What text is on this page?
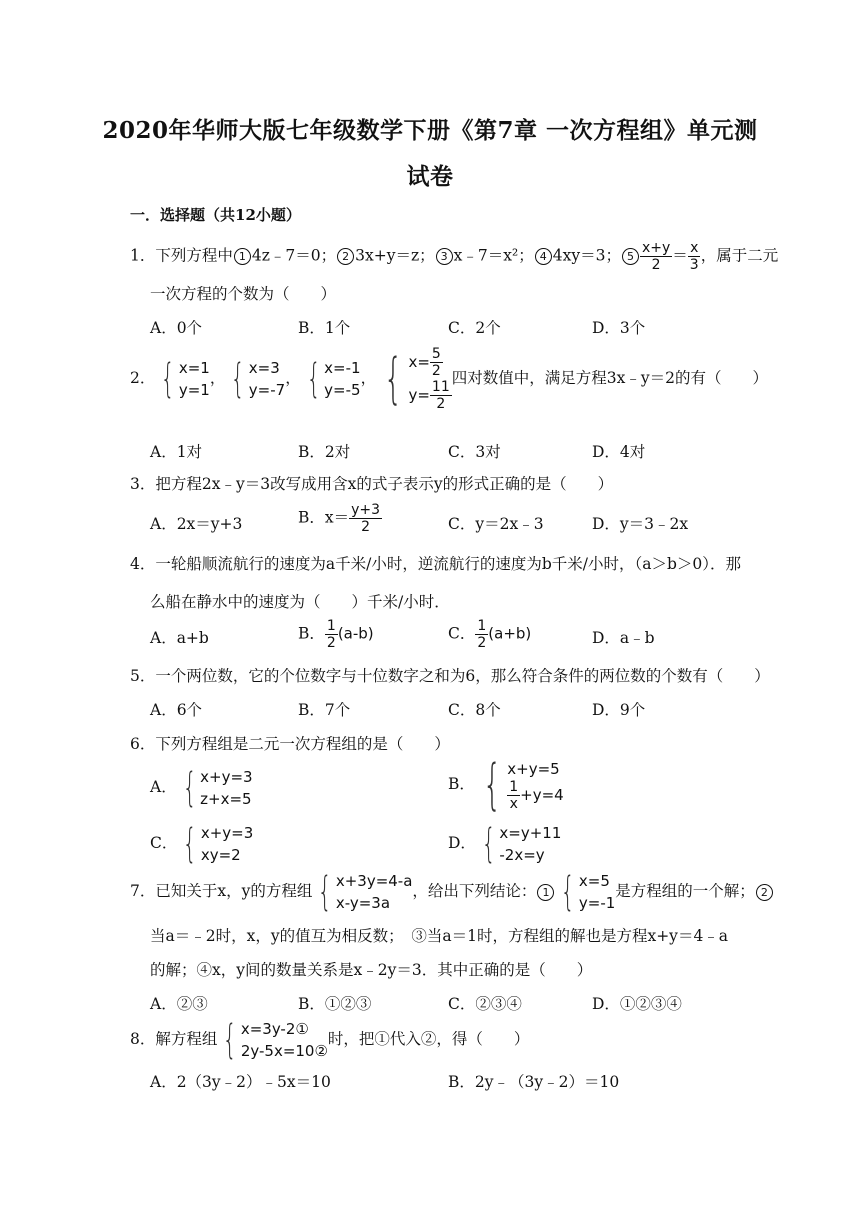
2020年华师大版七年级数学下册《第7章 一次方程组》单元测
试卷
一．选择题（共12小题）
1．下列方程中 1 4z﹣7＝0； 2 3x+y＝z； 3 x﹣7＝x²； 4 4xy＝3； $5 \frac{x+y}{2} = \frac{x}{3}$ ，属于二元
一次方程的个数为（　　）
A．0个	B．1个	C．2个	D．3个
2． { x=1
y=1
， { x=3
y=-7
， { x=-1
y=-5
， { $x= \frac{5}{2}$
$y= \frac{11}{2}$
四对数值中，满足方程3x﹣y＝2的有（　　）
A．1对	B．2对	C．3对	D．4对
3．把方程2x﹣y＝3改写成用含x的式子表示y的形式正确的是（　　）
A．2x＝y+3	B．$x= \frac{y+3}{2}$	C．y＝2x﹣3	D．y＝3﹣2x
4．一轮船顺流航行的速度为a千米/小时，逆流航行的速度为b千米/小时，（a＞b＞0）．那
么船在静水中的速度为（　　）千米/小时．
A．a+b	B． $\frac{1}{2} (a-b)$	C． $\frac{1}{2} (a+b)$	D．a﹣b
5．一个两位数，它的个位数字与十位数字之和为6，那么符合条件的两位数的个数有（　　）
A．6个	B．7个	C．8个	D．9个
6．下列方程组是二元一次方程组的是（　　）
A． { x+y=3
z+x=5
B． { x+y=5
$\frac{1}{x} +y=4$
C． { x+y=3
xy=2
D． { x=y+11
-2x=y
7．已知关于x，y的方程组 { x+3y=4-a
x-y=3a
，给出下列结论： 1 { x=5
y=-1
是方程组的一个解； 2
当a＝﹣2时，x，y的值互为相反数；　③当a＝1时，方程组的解也是方程x+y＝4﹣a
的解；④x，y间的数量关系是x﹣2y＝3．其中正确的是（　　）
A．②③	B．①②③	C．②③④	D．①②③④
8．解方程组 { x=3y-2①
2y-5x=10②
时，把①代入②，得（　　）
A．2（3y﹣2）﹣5x＝10	B．2y﹣（3y﹣2）＝10
